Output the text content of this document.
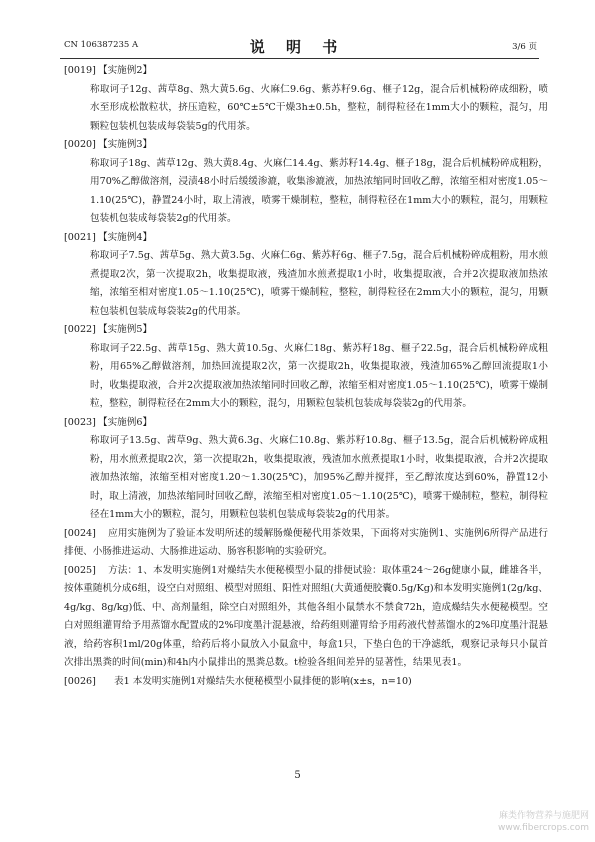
CN 106387235 A	说 明 书	3/6 页
[0019] 【实施例2】
称取诃子12g、茜草8g、熟大黄5.6g、火麻仁9.6g、紫苏籽9.6g、榧子12g，混合后机械粉碎成细粉，喷水至形成松散粒状，挤压造粒，60℃±5℃干燥3h±0.5h，整粒，制得粒径在1mm大小的颗粒，混匀，用颗粒包装机包装成每袋装5g的代用茶。
[0020] 【实施例3】
称取诃子18g、茜草12g、熟大黄8.4g、火麻仁14.4g、紫苏籽14.4g、榧子18g，混合后机械粉碎成粗粉，用70%乙醇做溶剂，浸渍48小时后缓缓渗漉，收集渗漉液，加热浓缩同时回收乙醇，浓缩至相对密度1.05～1.10(25℃)，静置24小时，取上清液，喷雾干燥制粒，整粒，制得粒径在1mm大小的颗粒，混匀，用颗粒包装机包装成每袋装2g的代用茶。
[0021] 【实施例4】
称取诃子7.5g、茜草5g、熟大黄3.5g、火麻仁6g、紫苏籽6g、榧子7.5g，混合后机械粉碎成粗粉，用水煎煮提取2次，第一次提取2h，收集提取液，残渣加水煎煮提取1小时，收集提取液，合并2次提取液加热浓缩，浓缩至相对密度1.05～1.10(25℃)，喷雾干燥制粒，整粒，制得粒径在2mm大小的颗粒，混匀，用颗粒包装机包装成每袋装2g的代用茶。
[0022] 【实施例5】
称取诃子22.5g、茜草15g、熟大黄10.5g、火麻仁18g、紫苏籽18g、榧子22.5g，混合后机械粉碎成粗粉，用65%乙醇做溶剂，加热回流提取2次，第一次提取2h，收集提取液，残渣加65%乙醇回流提取1小时，收集提取液，合并2次提取液加热浓缩同时回收乙醇，浓缩至相对密度1.05～1.10(25℃)，喷雾干燥制粒，整粒，制得粒径在2mm大小的颗粒，混匀，用颗粒包装机包装成每袋装2g的代用茶。
[0023] 【实施例6】
称取诃子13.5g、茜草9g、熟大黄6.3g、火麻仁10.8g、紫苏籽10.8g、榧子13.5g，混合后机械粉碎成粗粉，用水煎煮提取2次，第一次提取2h，收集提取液，残渣加水煎煮提取1小时，收集提取液，合并2次提取液加热浓缩，浓缩至相对密度1.20～1.30(25℃)，加95%乙醇并搅拌，至乙醇浓度达到60%，静置12小时，取上清液，加热浓缩同时回收乙醇，浓缩至相对密度1.05～1.10(25℃)，喷雾干燥制粒，整粒，制得粒径在1mm大小的颗粒，混匀，用颗粒包装机包装成每袋装2g的代用茶。
[0024] 应用实施例为了验证本发明所述的缓解肠燥便秘代用茶效果，下面将对实施例1、实施例6所得产品进行排便、小肠推进运动、大肠推进运动、肠容积影响的实验研究。
[0025] 方法：1、本发明实施例1对燥结失水便秘模型小鼠的排便试验：取体重24～26g健康小鼠，雌雄各半，按体重随机分成6组，设空白对照组、模型对照组、阳性对照组(大黄通便胶囊0.5g/Kg)和本发明实施例1(2g/kg、4g/kg、8g/kg)低、中、高剂量组，除空白对照组外，其他各组小鼠禁水不禁食72h，造成燥结失水便秘模型。空白对照组灌胃给予用蒸馏水配置成的2%印度墨汁混悬液，给药组则灌胃给予用药液代替蒸馏水的2%印度墨汁混悬液，给药容积1ml/20g体重，给药后将小鼠放入小鼠盒中，每盒1只，下垫白色的干净滤纸，观察记录每只小鼠首次排出黑粪的时间(min)和4h内小鼠排出的黑粪总数。t检验各组间差异的显著性，结果见表1。
[0026] 表1 本发明实施例1对燥结失水便秘模型小鼠排便的影响(x±s，n=10)
5
麻类作物营养与施肥网
www.fibercrops.com
